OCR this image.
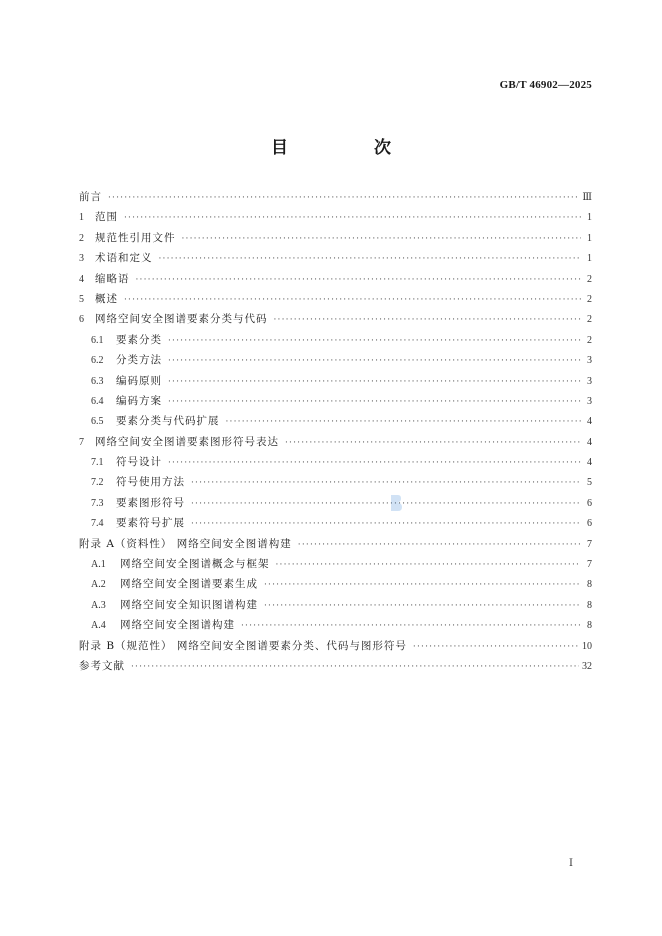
GB/T 46902—2025
目 次
前言 ·····	Ⅲ
1	范围 ·····	1
2	规范性引用文件 ·····	1
3	术语和定义 ·····	1
4	缩略语 ·····	2
5	概述 ·····	2
6	网络空间安全图谱要素分类与代码 ·····	2
6.1	要素分类 ·····	2
6.2	分类方法 ·····	3
6.3	编码原则 ·····	3
6.4	编码方案 ·····	3
6.5	要素分类与代码扩展 ·····	4
7	网络空间安全图谱要素图形符号表达 ·····	4
7.1	符号设计 ·····	4
7.2	符号使用方法 ·····	5
7.3	要素图形符号 ·····	6
7.4	要素符号扩展 ·····	6
附录 A（资料性） 网络空间安全图谱构建 ·····	7
A.1	网络空间安全图谱概念与框架 ·····	7
A.2	网络空间安全图谱要素生成 ·····	8
A.3	网络空间安全知识图谱构建 ·····	8
A.4	网络空间安全图谱构建 ·····	8
附录 B（规范性） 网络空间安全图谱要素分类、代码与图形符号 ·····	10
参考文献 ·····	32
Ⅰ
